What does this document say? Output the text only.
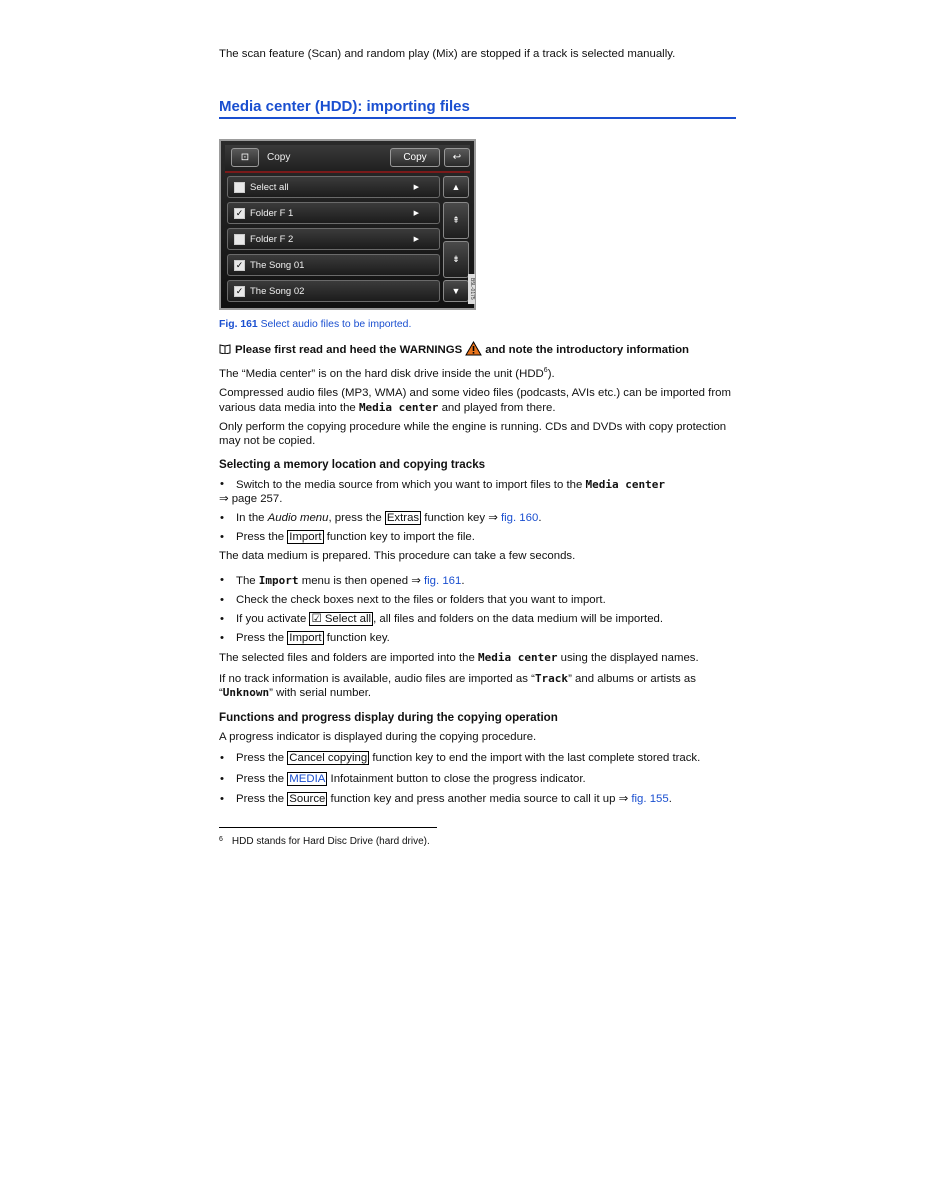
The scan feature (Scan) and random play (Mix) are stopped if a track is selected manually.

Media center (HDD): importing files
⊡	Copy	Copy	↩
Select all	▶
✓ Folder F 1	▶
Folder F 2	▶
✓ The Song 01
✓ The Song 02
▲
⇞
⇟
▼	B5L-0175

Fig. 161 Select audio files to be imported.

Please first read and heed the WARNINGS and note the introductory information

The “Media center” is on the hard disk drive inside the unit (HDD$^6$).

Compressed audio files (MP3, WMA) and some video files (podcasts, AVIs etc.) can be imported from various data media into the Media center and played from there.

Only perform the copying procedure while the engine is running. CDs and DVDs with copy protection may not be copied.

Selecting a memory location and copying tracks
• Switch to the media source from which you want to import files to the Media center
⇒ page 257.
• In the Audio menu, press the Extras function key ⇒ fig. 160.
• Press the Import function key to import the file.

The data medium is prepared. This procedure can take a few seconds.

• The Import menu is then opened ⇒ fig. 161.
• Check the check boxes next to the files or folders that you want to import.
• If you activate ☑ Select all , all files and folders on the data medium will be imported.
• Press the Import function key.

The selected files and folders are imported into the Media center using the displayed names.

If no track information is available, audio files are imported as “Track” and albums or artists as “Unknown” with serial number.

Functions and progress display during the copying operation

A progress indicator is displayed during the copying procedure.

• Press the Cancel copying function key to end the import with the last complete stored track.
• Press the MEDIA Infotainment button to close the progress indicator.
• Press the Source function key and press another media source to call it up ⇒ fig. 155.
6 HDD stands for Hard Disc Drive (hard drive).
